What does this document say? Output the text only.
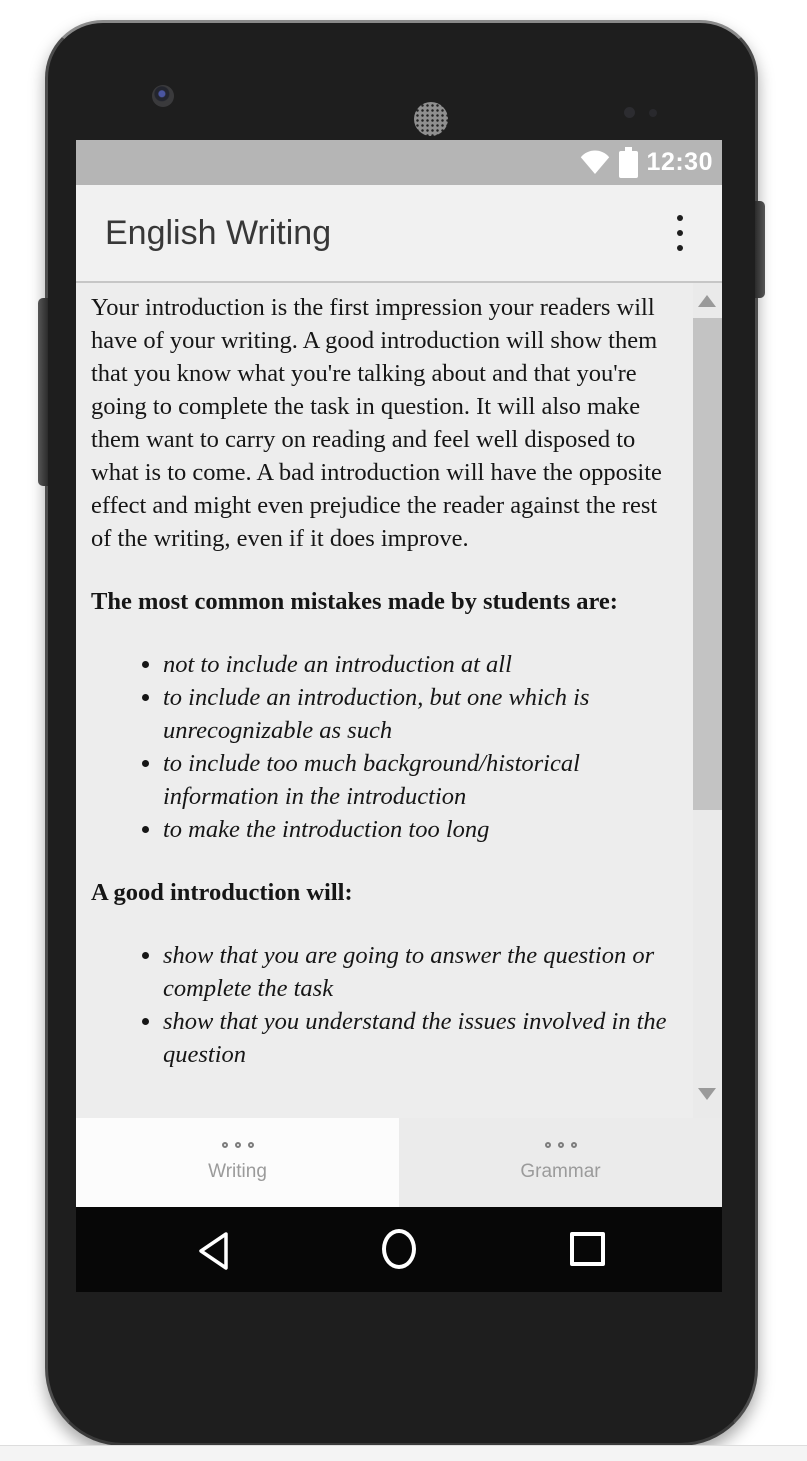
12:30
English Writing

Your introduction is the first impression your readers will have of your writing. A good introduction will show them that you know what you're talking about and that you're going to complete the task in question. It will also make them want to carry on reading and feel well disposed to what is to come. A bad introduction will have the opposite effect and might even prejudice the reader against the rest of the writing, even if it does improve.

The most common mistakes made by students are:
• not to include an introduction at all
• to include an introduction, but one which is unrecognizable as such
• to include too much background/historical information in the introduction
• to make the introduction too long
A good introduction will:
• show that you are going to answer the question or complete the task
• show that you understand the issues involved in the question
Writing	Grammar
